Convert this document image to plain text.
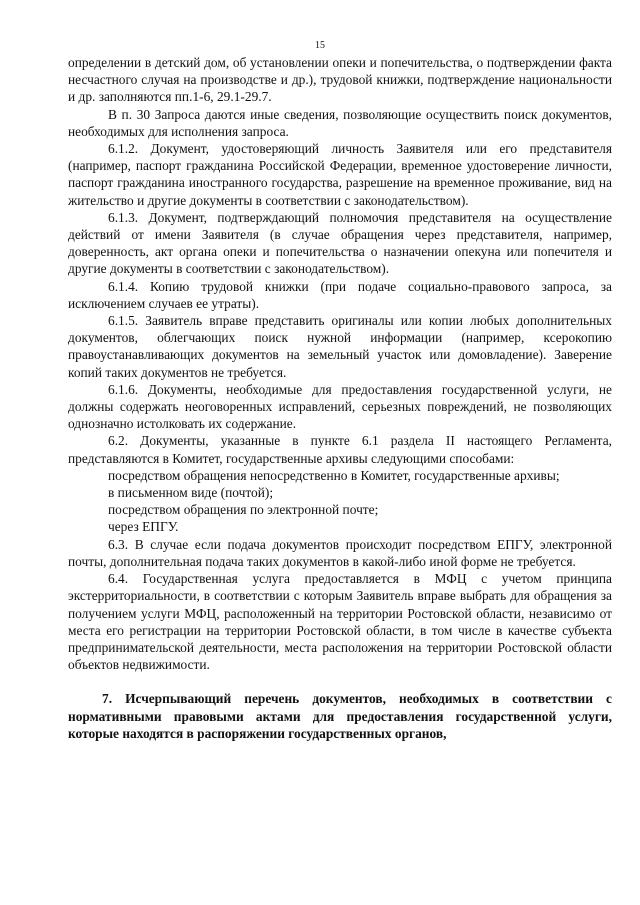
15

определении в детский дом, об установлении опеки и попечительства, о подтверждении факта несчастного случая на производстве и др.), трудовой книжки, подтверждение национальности и др. заполняются пп.1-6, 29.1-29.7.

В п. 30 Запроса даются иные сведения, позволяющие осуществить поиск документов, необходимых для исполнения запроса.

6.1.2. Документ, удостоверяющий личность Заявителя или его представителя (например, паспорт гражданина Российской Федерации, временное удостоверение личности, паспорт гражданина иностранного государства, разрешение на временное проживание, вид на жительство и другие документы в соответствии с законодательством).

6.1.3. Документ, подтверждающий полномочия представителя на осуществление действий от имени Заявителя (в случае обращения через представителя, например, доверенность, акт органа опеки и попечительства о назначении опекуна или попечителя и другие документы в соответствии с законодательством).

6.1.4. Копию трудовой книжки (при подаче социально-правового запроса, за исключением случаев ее утраты).

6.1.5. Заявитель вправе представить оригиналы или копии любых дополнительных документов, облегчающих поиск нужной информации (например, ксерокопию правоустанавливающих документов на земельный участок или домовладение). Заверение копий таких документов не требуется.

6.1.6. Документы, необходимые для предоставления государственной услуги, не должны содержать неоговоренных исправлений, серьезных повреждений, не позволяющих однозначно истолковать их содержание.

6.2. Документы, указанные в пункте 6.1 раздела II настоящего Регламента, представляются в Комитет, государственные архивы следующими способами:

посредством обращения непосредственно в Комитет, государственные архивы;

в письменном виде (почтой);

посредством обращения по электронной почте;

через ЕПГУ.

6.3. В случае если подача документов происходит посредством ЕПГУ, электронной почты, дополнительная подача таких документов в какой-либо иной форме не требуется.

6.4. Государственная услуга предоставляется в МФЦ с учетом принципа экстерриториальности, в соответствии с которым Заявитель вправе выбрать для обращения за получением услуги МФЦ, расположенный на территории Ростовской области, независимо от места его регистрации на территории Ростовской области, в том числе в качестве субъекта предпринимательской деятельности, места расположения на территории Ростовской области объектов недвижимости.

7. Исчерпывающий перечень документов, необходимых в соответствии с нормативными правовыми актами для предоставления государственной услуги, которые находятся в распоряжении государственных органов,
